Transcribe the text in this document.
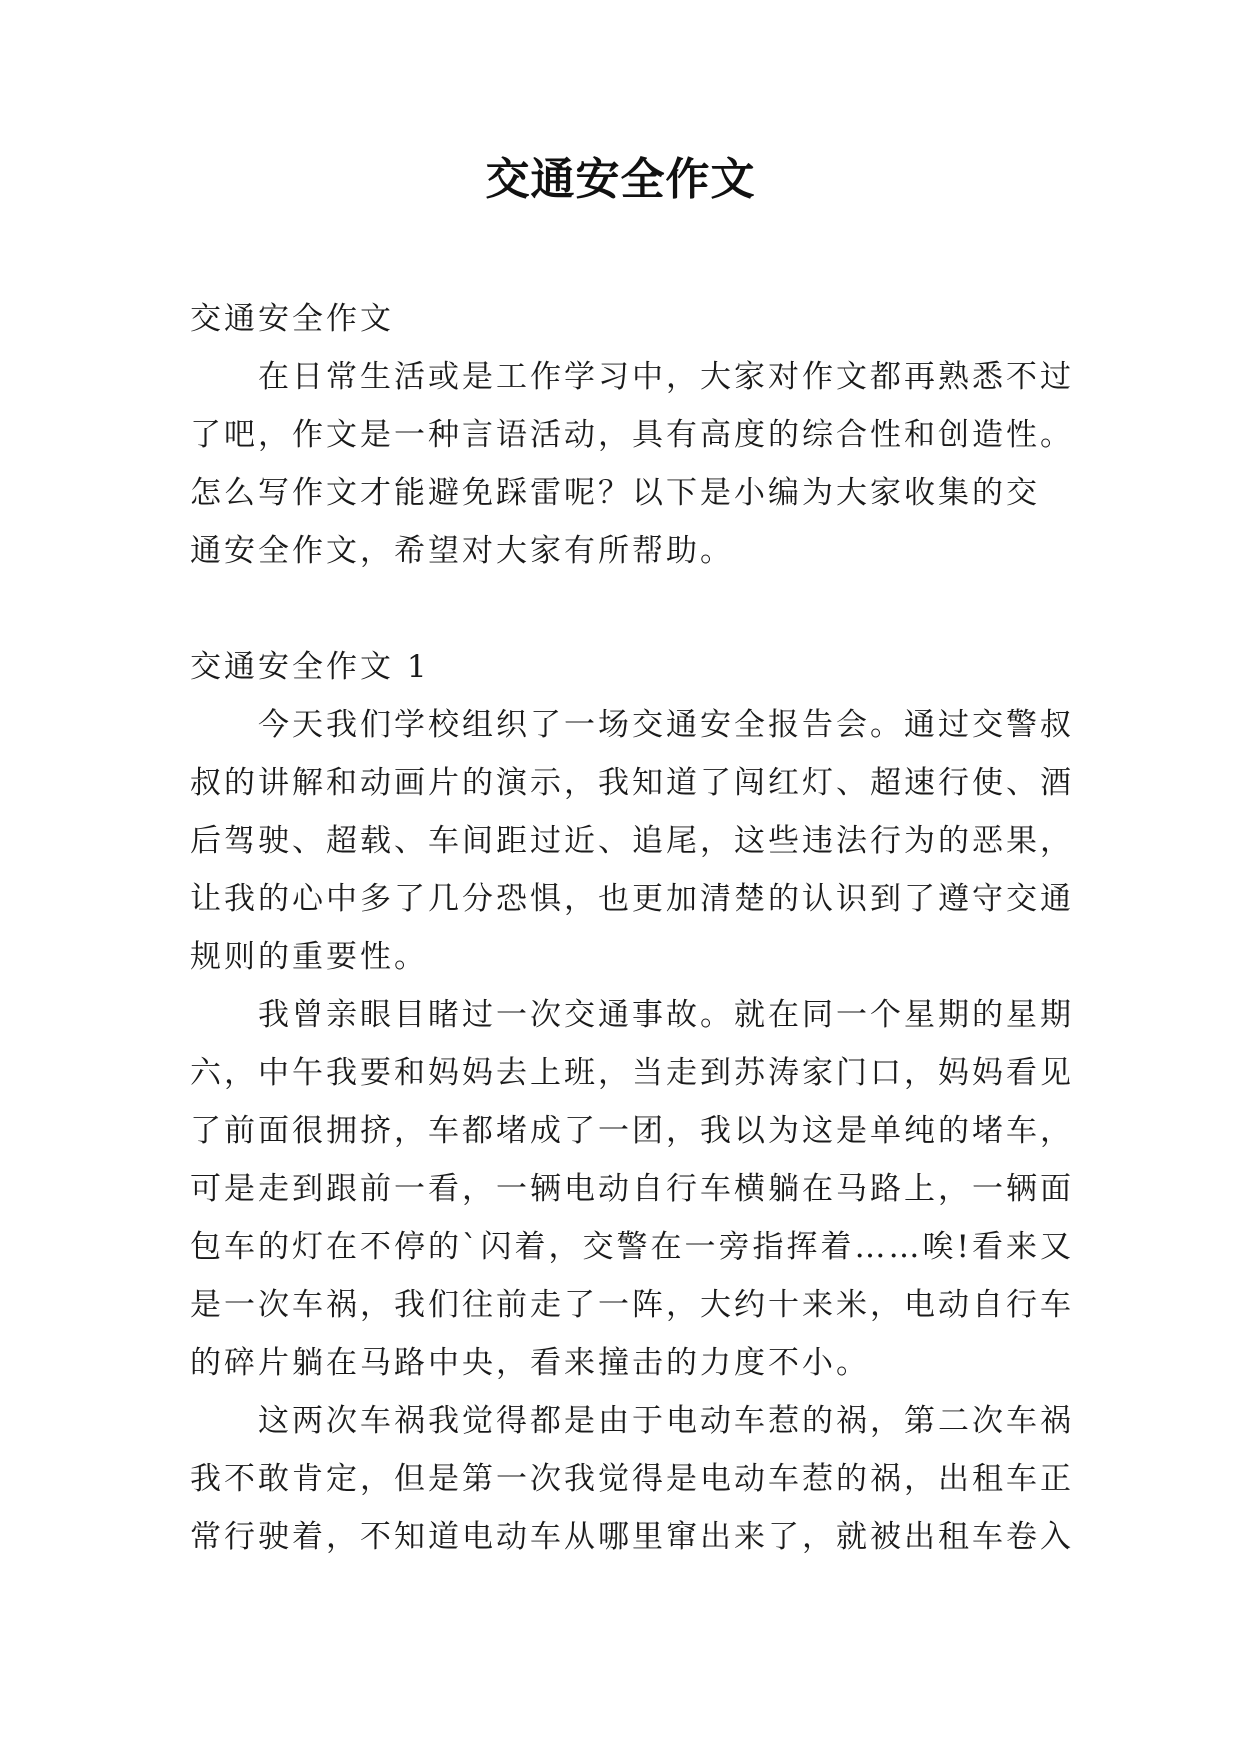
交通安全作文
交通安全作文
在日常生活或是工作学习中，大家对作文都再熟悉不过
了吧，作文是一种言语活动，具有高度的综合性和创造性。
怎么写作文才能避免踩雷呢？以下是小编为大家收集的交
通安全作文，希望对大家有所帮助。
交通安全作文 1
今天我们学校组织了一场交通安全报告会。通过交警叔
叔的讲解和动画片的演示，我知道了闯红灯、超速行使、酒
后驾驶、超载、车间距过近、追尾，这些违法行为的恶果，
让我的心中多了几分恐惧，也更加清楚的认识到了遵守交通
规则的重要性。
我曾亲眼目睹过一次交通事故。就在同一个星期的星期
六，中午我要和妈妈去上班，当走到苏涛家门口，妈妈看见
了前面很拥挤，车都堵成了一团，我以为这是单纯的堵车，
可是走到跟前一看，一辆电动自行车横躺在马路上，一辆面
包车的灯在不停的`闪着，交警在一旁指挥着……唉!看来又
是一次车祸，我们往前走了一阵，大约十来米，电动自行车
的碎片躺在马路中央，看来撞击的力度不小。
这两次车祸我觉得都是由于电动车惹的祸，第二次车祸
我不敢肯定，但是第一次我觉得是电动车惹的祸，出租车正
常行驶着，不知道电动车从哪里窜出来了，就被出租车卷入
